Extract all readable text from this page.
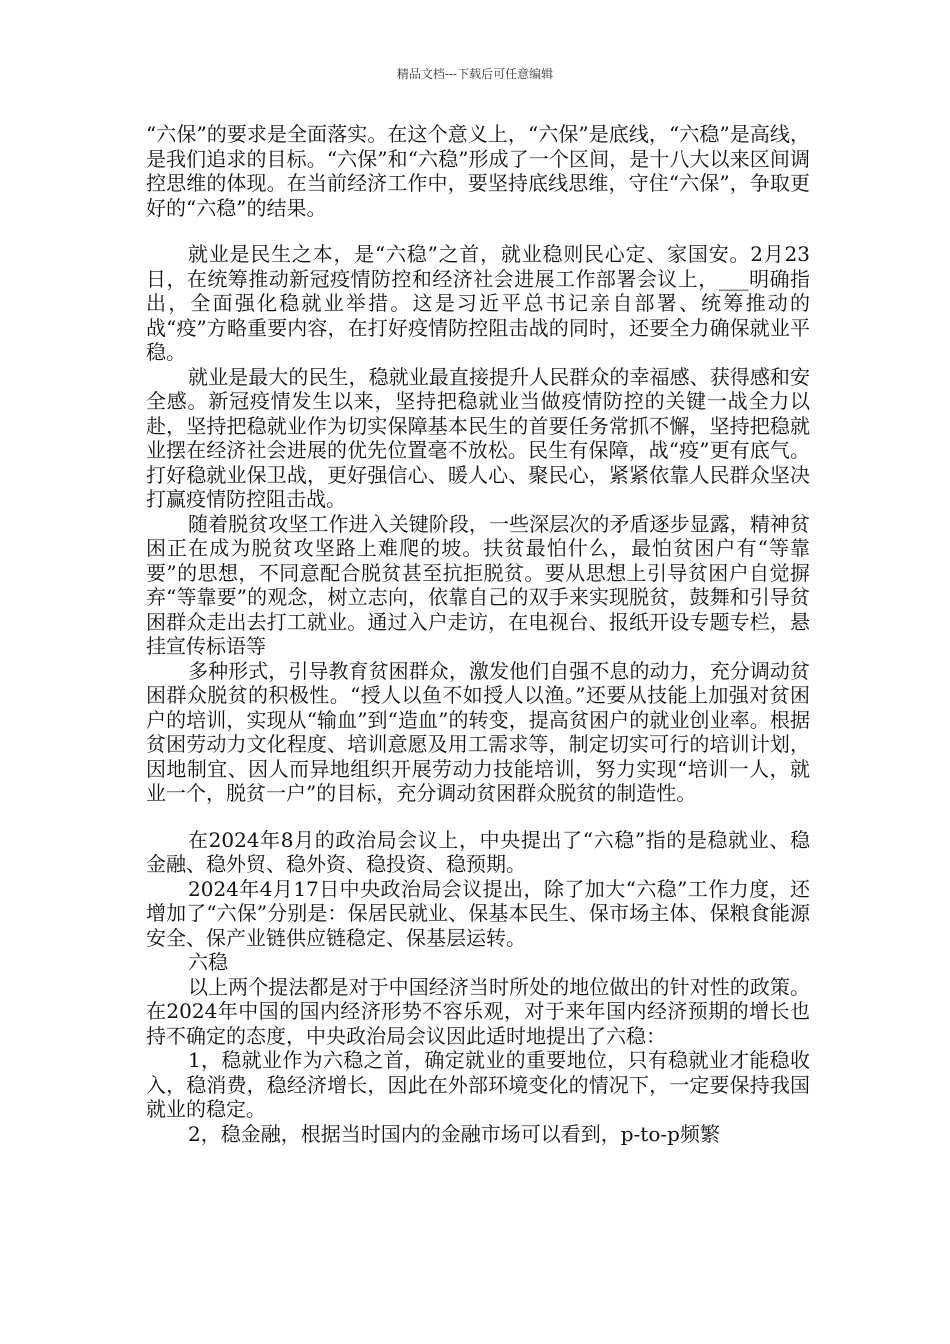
精品文档---下载后可任意编辑

“六保”的要求是全面落实。在这个意义上，“六保”是底线，“六稳”是高线，是我们追求的目标。“六保”和“六稳”形成了一个区间，是十八大以来区间调控思维的体现。在当前经济工作中，要坚持底线思维，守住“六保”，争取更好的“六稳”的结果。

就业是民生之本，是“六稳”之首，就业稳则民心定、家国安。2月23日，在统筹推动新冠疫情防控和经济社会进展工作部署会议上，___明确指出，全面强化稳就业举措。这是习近平总书记亲自部署、统筹推动的战“疫”方略重要内容，在打好疫情防控阻击战的同时，还要全力确保就业平稳。

就业是最大的民生，稳就业最直接提升人民群众的幸福感、获得感和安全感。新冠疫情发生以来，坚持把稳就业当做疫情防控的关键一战全力以赴，坚持把稳就业作为切实保障基本民生的首要任务常抓不懈，坚持把稳就业摆在经济社会进展的优先位置毫不放松。民生有保障，战“疫”更有底气。打好稳就业保卫战，更好强信心、暖人心、聚民心，紧紧依靠人民群众坚决打赢疫情防控阻击战。

随着脱贫攻坚工作进入关键阶段，一些深层次的矛盾逐步显露，精神贫困正在成为脱贫攻坚路上难爬的坡。扶贫最怕什么，最怕贫困户有“等靠要”的思想，不同意配合脱贫甚至抗拒脱贫。要从思想上引导贫困户自觉摒弃“等靠要”的观念，树立志向，依靠自己的双手来实现脱贫，鼓舞和引导贫困群众走出去打工就业。通过入户走访，在电视台、报纸开设专题专栏，悬挂宣传标语等

多种形式，引导教育贫困群众，激发他们自强不息的动力，充分调动贫困群众脱贫的积极性。“授人以鱼不如授人以渔。”还要从技能上加强对贫困户的培训，实现从“输血”到“造血”的转变，提高贫困户的就业创业率。根据贫困劳动力文化程度、培训意愿及用工需求等，制定切实可行的培训计划，因地制宜、因人而异地组织开展劳动力技能培训，努力实现“培训一人，就业一个，脱贫一户”的目标，充分调动贫困群众脱贫的制造性。

在2024年8月的政治局会议上，中央提出了“六稳”指的是稳就业、稳金融、稳外贸、稳外资、稳投资、稳预期。

2024年4月17日中央政治局会议提出，除了加大“六稳”工作力度，还增加了“六保”分别是：保居民就业、保基本民生、保市场主体、保粮食能源安全、保产业链供应链稳定、保基层运转。

六稳

以上两个提法都是对于中国经济当时所处的地位做出的针对性的政策。在2024年中国的国内经济形势不容乐观，对于来年国内经济预期的增长也持不确定的态度，中央政治局会议因此适时地提出了六稳：

1，稳就业作为六稳之首，确定就业的重要地位，只有稳就业才能稳收入，稳消费，稳经济增长，因此在外部环境变化的情况下，一定要保持我国就业的稳定。

2，稳金融，根据当时国内的金融市场可以看到，p-to-p频繁
